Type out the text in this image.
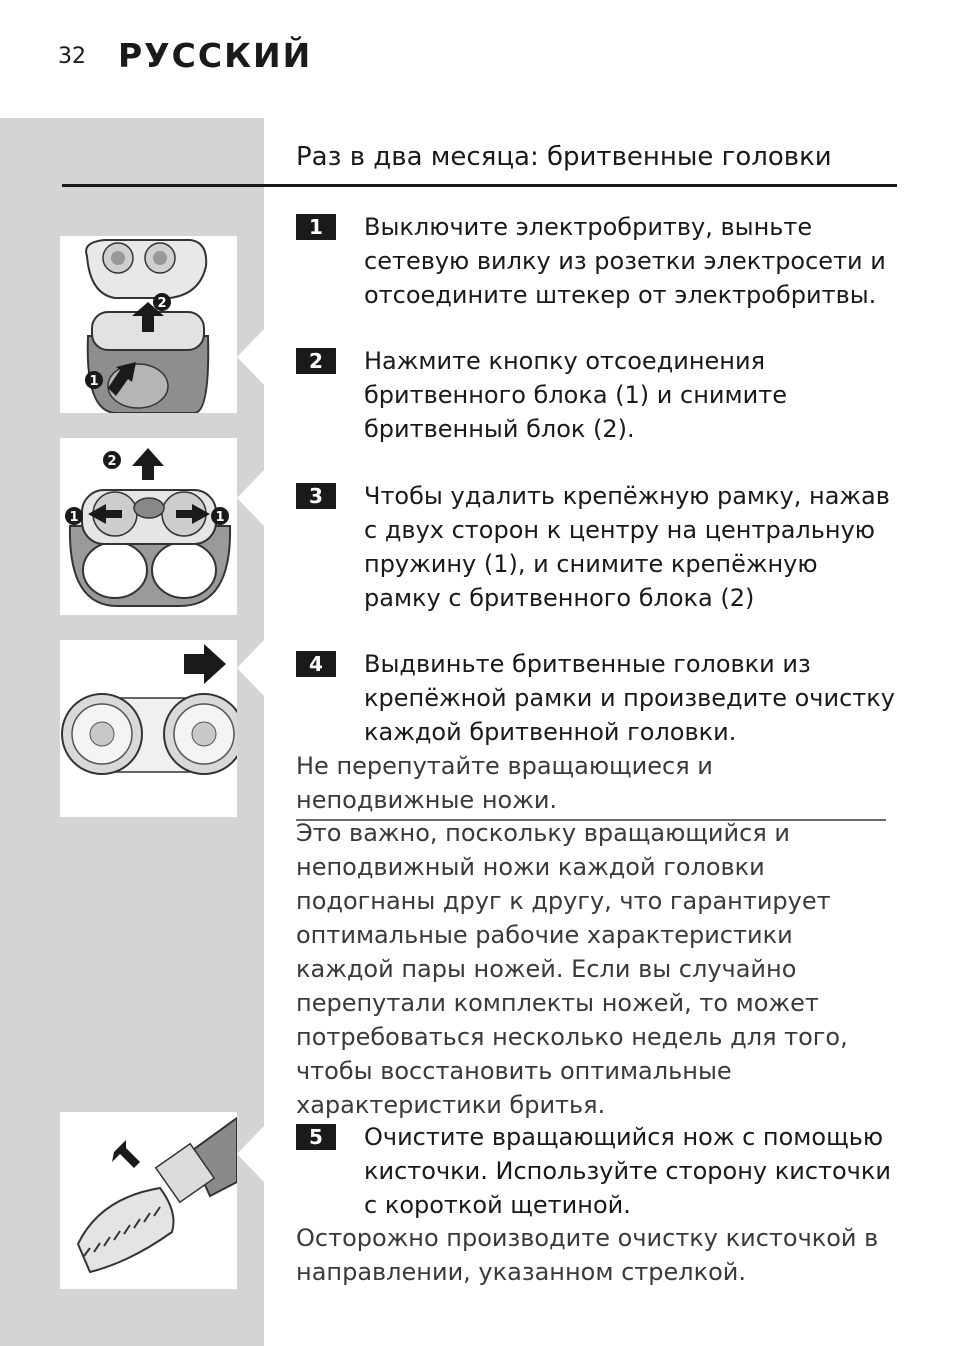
32 РУССКИЙ
Раз в два месяца: бритвенные головки
2
1
2
1	1
1	Выключите электробритву, выньте сетевую вилку из розетки электросети и отсоедините штекер от электробритвы.
2	Нажмите кнопку отсоединения бритвенного блока (1) и снимите бритвенный блок (2).
3	Чтобы удалить крепёжную рамку, нажав с двух сторон к центру на центральную пружину (1), и снимите крепёжную рамку с бритвенного блока (2)
4	Выдвиньте бритвенные головки из крепёжной рамки и произведите очистку каждой бритвенной головки.
Не перепутайте вращающиеся и неподвижные ножи.
Это важно, поскольку вращающийся и неподвижный ножи каждой головки подогнаны друг к другу, что гарантирует оптимальные рабочие характеристики каждой пары ножей. Если вы случайно перепутали комплекты ножей, то может потребоваться несколько недель для того, чтобы восстановить оптимальные характеристики бритья.
5	Очистите вращающийся нож с помощью кисточки. Используйте сторону кисточки с короткой щетиной.
Осторожно производите очистку кисточкой в направлении, указанном стрелкой.
